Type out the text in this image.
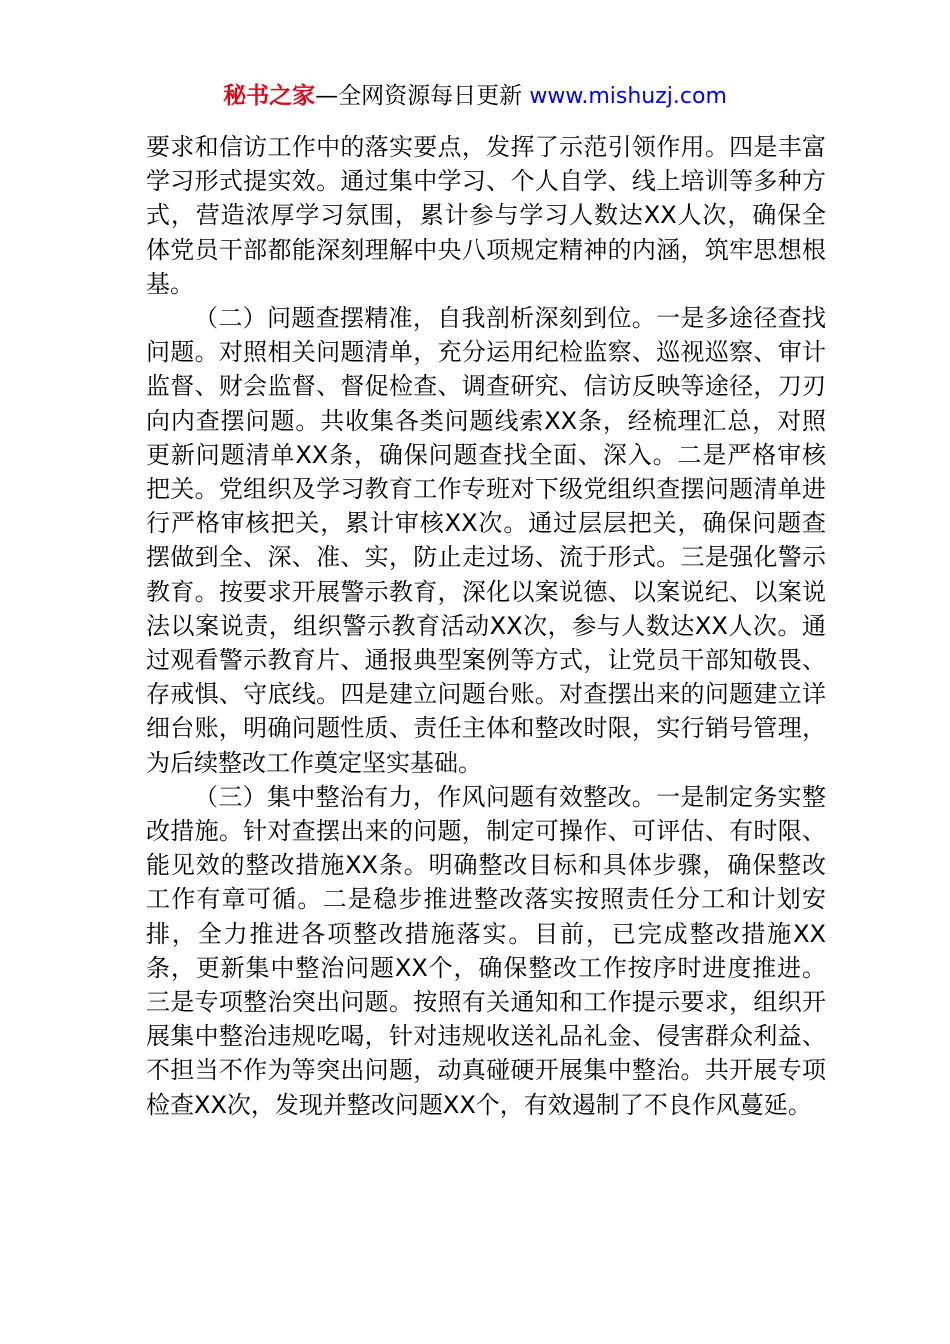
秘书之家—全网资源每日更新 www.mishuzj.com

要求和信访工作中的落实要点，发挥了示范引领作用。四是丰富学习形式提实效。通过集中学习、个人自学、线上培训等多种方式，营造浓厚学习氛围，累计参与学习人数达XX人次，确保全体党员干部都能深刻理解中央八项规定精神的内涵，筑牢思想根基。

（二）问题查摆精准，自我剖析深刻到位。一是多途径查找问题。对照相关问题清单，充分运用纪检监察、巡视巡察、审计监督、财会监督、督促检查、调查研究、信访反映等途径，刀刃向内查摆问题。共收集各类问题线索XX条，经梳理汇总，对照更新问题清单XX条，确保问题查找全面、深入。二是严格审核把关。党组织及学习教育工作专班对下级党组织查摆问题清单进行严格审核把关，累计审核XX次。通过层层把关，确保问题查摆做到全、深、准、实，防止走过场、流于形式。三是强化警示教育。按要求开展警示教育，深化以案说德、以案说纪、以案说法以案说责，组织警示教育活动XX次，参与人数达XX人次。通过观看警示教育片、通报典型案例等方式，让党员干部知敬畏、存戒惧、守底线。四是建立问题台账。对查摆出来的问题建立详细台账，明确问题性质、责任主体和整改时限，实行销号管理，为后续整改工作奠定坚实基础。

（三）集中整治有力，作风问题有效整改。一是制定务实整改措施。针对查摆出来的问题，制定可操作、可评估、有时限、能见效的整改措施XX条。明确整改目标和具体步骤，确保整改工作有章可循。二是稳步推进整改落实按照责任分工和计划安排，全力推进各项整改措施落实。目前，已完成整改措施XX条，更新集中整治问题XX个，确保整改工作按序时进度推进。三是专项整治突出问题。按照有关通知和工作提示要求，组织开展集中整治违规吃喝，针对违规收送礼品礼金、侵害群众利益、不担当不作为等突出问题，动真碰硬开展集中整治。共开展专项检查XX次，发现并整改问题XX个，有效遏制了不良作风蔓延。
